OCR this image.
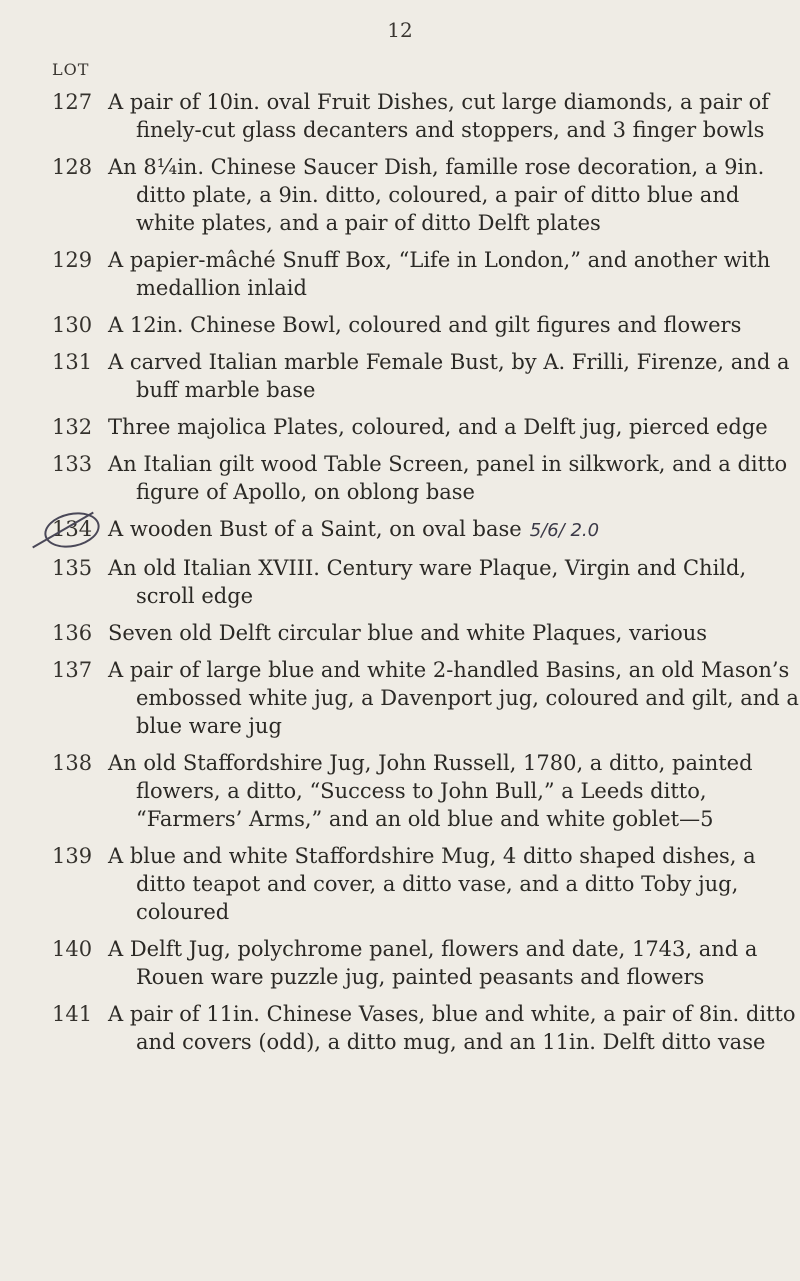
12
LOT
127 A pair of 10in. oval Fruit Dishes, cut large diamonds, a pair of finely-cut glass decanters and stoppers, and 3 finger bowls
128 An 8¼in. Chinese Saucer Dish, famille rose decoration, a 9in. ditto plate, a 9in. ditto, coloured, a pair of ditto blue and white plates, and a pair of ditto Delft plates
129 A papier-mâché Snuff Box, “Life in London,” and another with medallion inlaid
130 A 12in. Chinese Bowl, coloured and gilt figures and flowers
131 A carved Italian marble Female Bust, by A. Frilli, Firenze, and a buff marble base
132 Three majolica Plates, coloured, and a Delft jug, pierced edge
133 An Italian gilt wood Table Screen, panel in silkwork, and a ditto figure of Apollo, on oblong base
134 A wooden Bust of a Saint, on oval base 5/6/ 2.0
135 An old Italian XVIII. Century ware Plaque, Virgin and Child, scroll edge
136 Seven old Delft circular blue and white Plaques, various
137 A pair of large blue and white 2-handled Basins, an old Mason’s embossed white jug, a Davenport jug, coloured and gilt, and a blue ware jug
138 An old Staffordshire Jug, John Russell, 1780, a ditto, painted flowers, a ditto, “Success to John Bull,” a Leeds ditto, “Farmers’ Arms,” and an old blue and white goblet—5
139 A blue and white Staffordshire Mug, 4 ditto shaped dishes, a ditto teapot and cover, a ditto vase, and a ditto Toby jug, coloured
140 A Delft Jug, polychrome panel, flowers and date, 1743, and a Rouen ware puzzle jug, painted peasants and flowers
141 A pair of 11in. Chinese Vases, blue and white, a pair of 8in. ditto and covers (odd), a ditto mug, and an 11in. Delft ditto vase
